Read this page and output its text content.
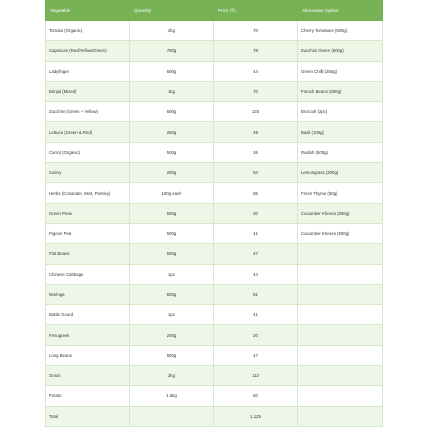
Vegetable	Quantity	Price (₹)	Alternative Option
Tomato (Organic)	2kg	70	Cherry Tomatoes (500g)
Capsicum (Red/Yellow/Green)	750g	78	Zucchini Green (500g)
Ladyfinger	500g	44	Green Chilli (250g)
Brinjal (Mixed)	1kg	70	French Beans (500g)
Zucchini (Green + Yellow)	500g	125	Broccoli (2pc)
Lettuce (Green & Red)	250g	49	Basil (100g)
Carrot (Organic)	500g	26	Radish (500g)
Celery	200g	64	Lemongrass (200g)
Herbs (Coriander, Mint, Parsley)	100g each	86	Fresh Thyme (50g)
Green Peas	500g	20	Cucumber Kheera (500g)
Pigeon Pea	500g	41	Cucumber Kheera (500g)
Flat Beans	500g	47	
Chinese Cabbage	1pc	44	
Moringa	500g	81	
Bottle Gourd	1pc	41	
Fenugreek	200g	20	
Long Beans	500g	47	
Onion	2kg	112	
Potato	1.5kg	60	
Total		1,125	
